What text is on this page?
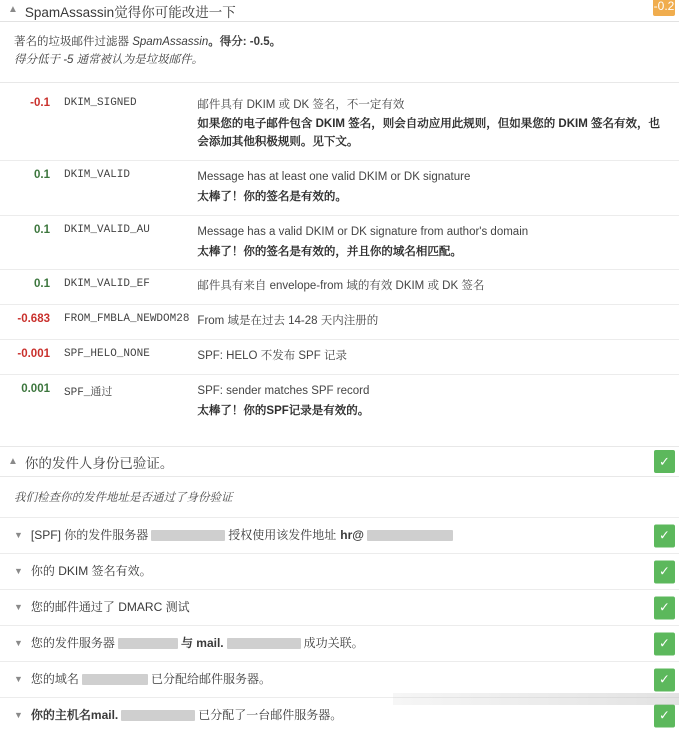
▲ SpamAssassin觉得你可能改进一下	-0.2
著名的垃圾邮件过滤器 SpamAssassin。得分: -0.5。
得分低于 -5 通常被认为是垃圾邮件。
-0.1	DKIM_SIGNED	邮件具有 DKIM 或 DK 签名，不一定有效
如果您的电子邮件包含 DKIM 签名，则会自动应用此规则，但如果您的 DKIM 签名有效，也会添加其他积极规则。见下文。

0.1	DKIM_VALID	Message has at least one valid DKIM or DK signature
太棒了！你的签名是有效的。

0.1	DKIM_VALID_AU	Message has a valid DKIM or DK signature from author's domain
太棒了！你的签名是有效的，并且你的域名相匹配。

0.1	DKIM_VALID_EF	邮件具有来自 envelope-from 域的有效 DKIM 或 DK 签名

-0.683	FROM_FMBLA_NEWDOM28	From 域是在过去 14-28 天内注册的

-0.001	SPF_HELO_NONE	SPF: HELO 不发布 SPF 记录

0.001	SPF_通过	SPF: sender matches SPF record
太棒了！你的SPF记录是有效的。
▲ 你的发件人身份已验证。	✓
我们检查你的发件地址是否通过了身份验证
▼ [SPF] 你的发件服务器	授权使用该发件地址 hr@	✓
▼ 你的 DKIM 签名有效。	✓
▼ 您的邮件通过了 DMARC 测试	✓
▼ 您的发件服务器	与 mail.	成功关联。	✓
▼ 您的域名	已分配给邮件服务器。	✓
▼ 你的主机名mail.	已分配了一台邮件服务器。	✓
